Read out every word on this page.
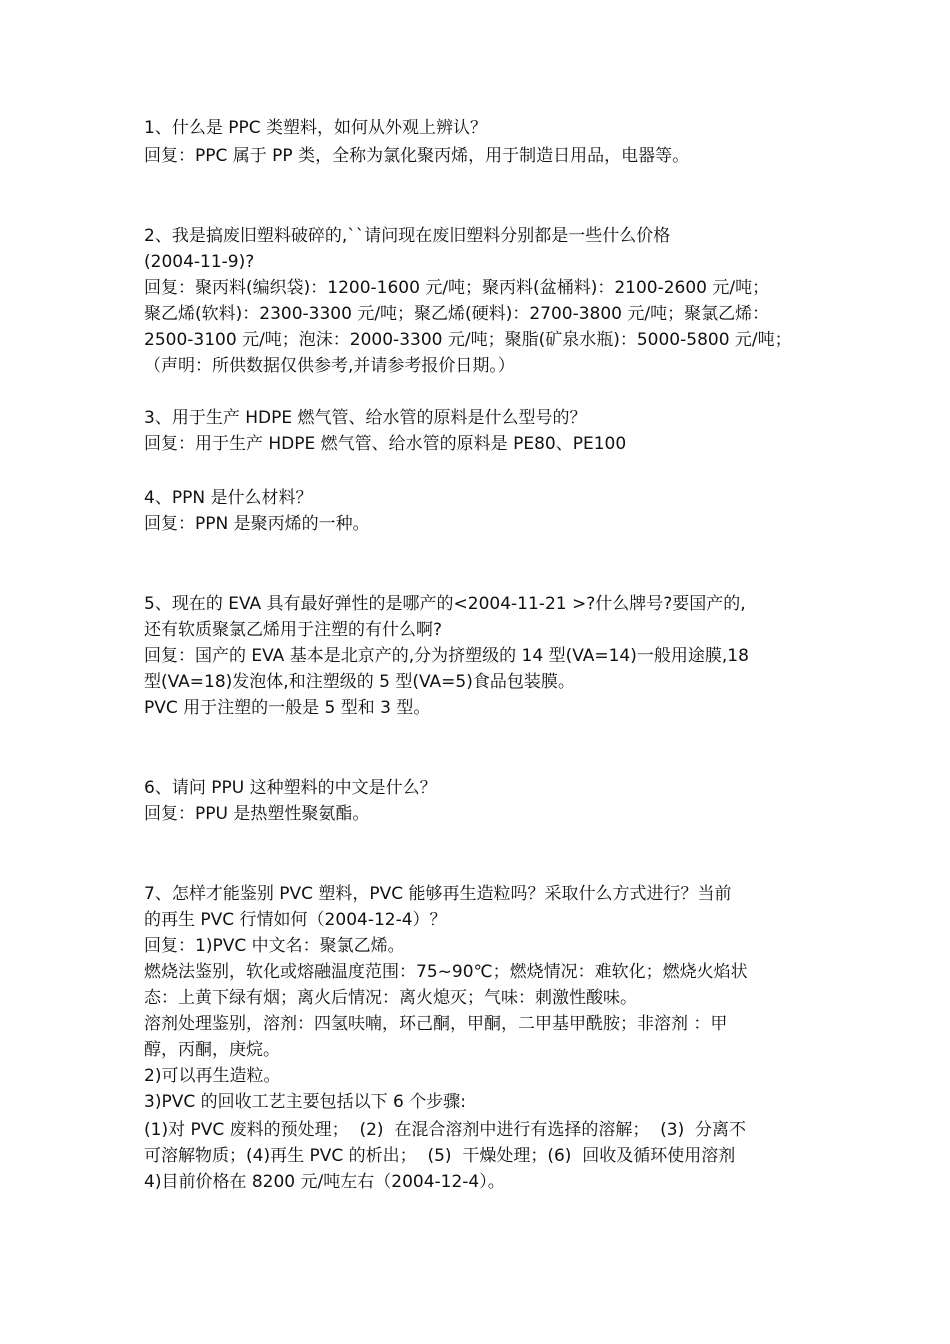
1、什么是 PPC 类塑料，如何从外观上辨认？
回复：PPC 属于 PP 类，全称为氯化聚丙烯，用于制造日用品，电器等。
2、我是搞废旧塑料破碎的,``请问现在废旧塑料分别都是一些什么价格
(2004-11-9)?
回复：聚丙料(编织袋)：1200-1600 元/吨；聚丙料(盆桶料)：2100-2600 元/吨；
聚乙烯(软料)：2300-3300 元/吨；聚乙烯(硬料)：2700-3800 元/吨；聚氯乙烯：
2500-3100 元/吨；泡沫：2000-3300 元/吨；聚脂(矿泉水瓶)：5000-5800 元/吨；
（声明：所供数据仅供参考,并请参考报价日期。）
3、用于生产 HDPE 燃气管、给水管的原料是什么型号的？
回复：用于生产 HDPE 燃气管、给水管的原料是 PE80、PE100
4、PPN 是什么材料？
回复：PPN 是聚丙烯的一种。
5、现在的 EVA 具有最好弹性的是哪产的<2004-11-21 >?什么牌号?要国产的,
还有软质聚氯乙烯用于注塑的有什么啊?
回复：国产的 EVA 基本是北京产的,分为挤塑级的 14 型(VA=14)一般用途膜,18
型(VA=18)发泡体,和注塑级的 5 型(VA=5)食品包装膜。
PVC 用于注塑的一般是 5 型和 3 型。
6、请问 PPU 这种塑料的中文是什么？
回复：PPU 是热塑性聚氨酯。
7、怎样才能鉴别 PVC 塑料，PVC 能够再生造粒吗？采取什么方式进行？当前
的再生 PVC 行情如何（2004-12-4）？
回复：1)PVC 中文名：聚氯乙烯。
燃烧法鉴别，软化或熔融温度范围：75~90℃；燃烧情况：难软化；燃烧火焰状
态：上黄下绿有烟；离火后情况：离火熄灭；气味：刺激性酸味。
溶剂处理鉴别，溶剂：四氢呋喃，环己酮，甲酮，二甲基甲酰胺；非溶剂 ：甲
醇，丙酮，庚烷。
2)可以再生造粒。
3)PVC 的回收工艺主要包括以下 6 个步骤:
(1)对 PVC 废料的预处理；  (2)  在混合溶剂中进行有选择的溶解；  (3)  分离不
可溶解物质；(4)再生 PVC 的析出；  (5)  干燥处理；(6)  回收及循环使用溶剂
4)目前价格在 8200 元/吨左右（2004-12-4）。
